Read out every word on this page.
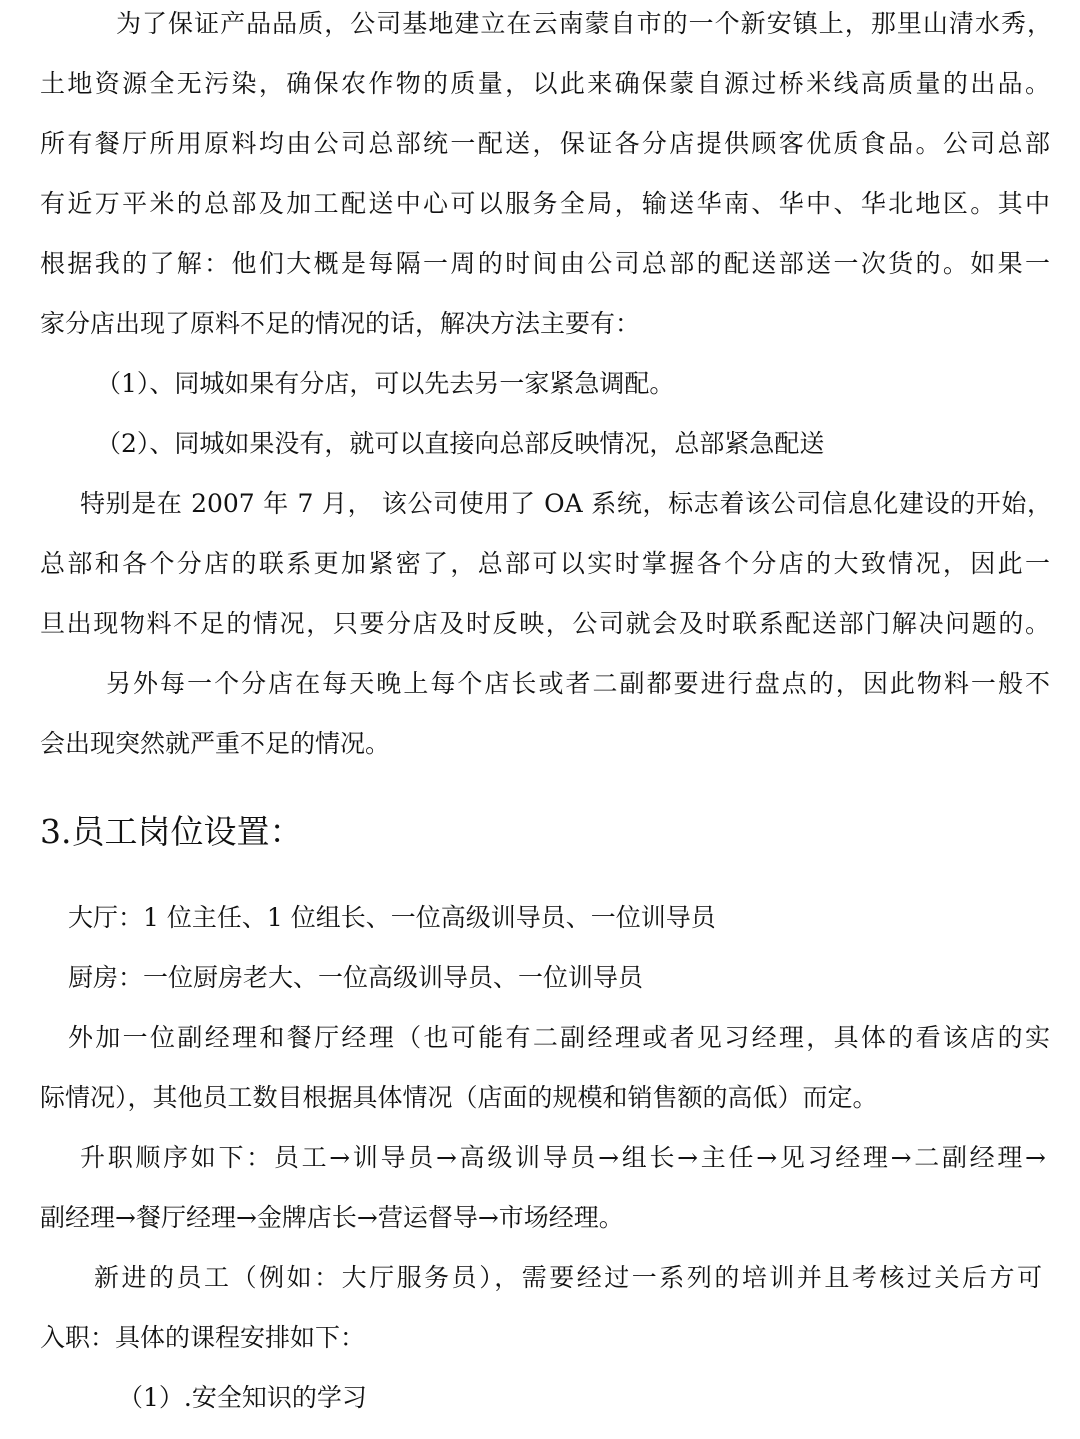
为了保证产品品质，公司基地建立在云南蒙自市的一个新安镇上，那里山清水秀，

土地资源全无污染，确保农作物的质量，以此来确保蒙自源过桥米线高质量的出品。

所有餐厅所用原料均由公司总部统一配送，保证各分店提供顾客优质食品。公司总部

有近万平米的总部及加工配送中心可以服务全局，输送华南、华中、华北地区。其中

根据我的了解：他们大概是每隔一周的时间由公司总部的配送部送一次货的。如果一

家分店出现了原料不足的情况的话，解决方法主要有：

（1）、同城如果有分店，可以先去另一家紧急调配。

（2）、同城如果没有，就可以直接向总部反映情况，总部紧急配送

特别是在 2007 年 7 月， 该公司使用了 OA 系统，标志着该公司信息化建设的开始，

总部和各个分店的联系更加紧密了，总部可以实时掌握各个分店的大致情况，因此一

旦出现物料不足的情况，只要分店及时反映，公司就会及时联系配送部门解决问题的。

另外每一个分店在每天晚上每个店长或者二副都要进行盘点的，因此物料一般不

会出现突然就严重不足的情况。

3.员工岗位设置：

大厅：1 位主任、1 位组长、一位高级训导员、一位训导员

厨房：一位厨房老大、一位高级训导员、一位训导员

外加一位副经理和餐厅经理（也可能有二副经理或者见习经理，具体的看该店的实

际情况），其他员工数目根据具体情况（店面的规模和销售额的高低）而定。

升职顺序如下：员工→训导员→高级训导员→组长→主任→见习经理→二副经理→

副经理→餐厅经理→金牌店长→营运督导→市场经理。

新进的员工（例如：大厅服务员），需要经过一系列的培训并且考核过关后方可

入职：具体的课程安排如下：

（1）.安全知识的学习
